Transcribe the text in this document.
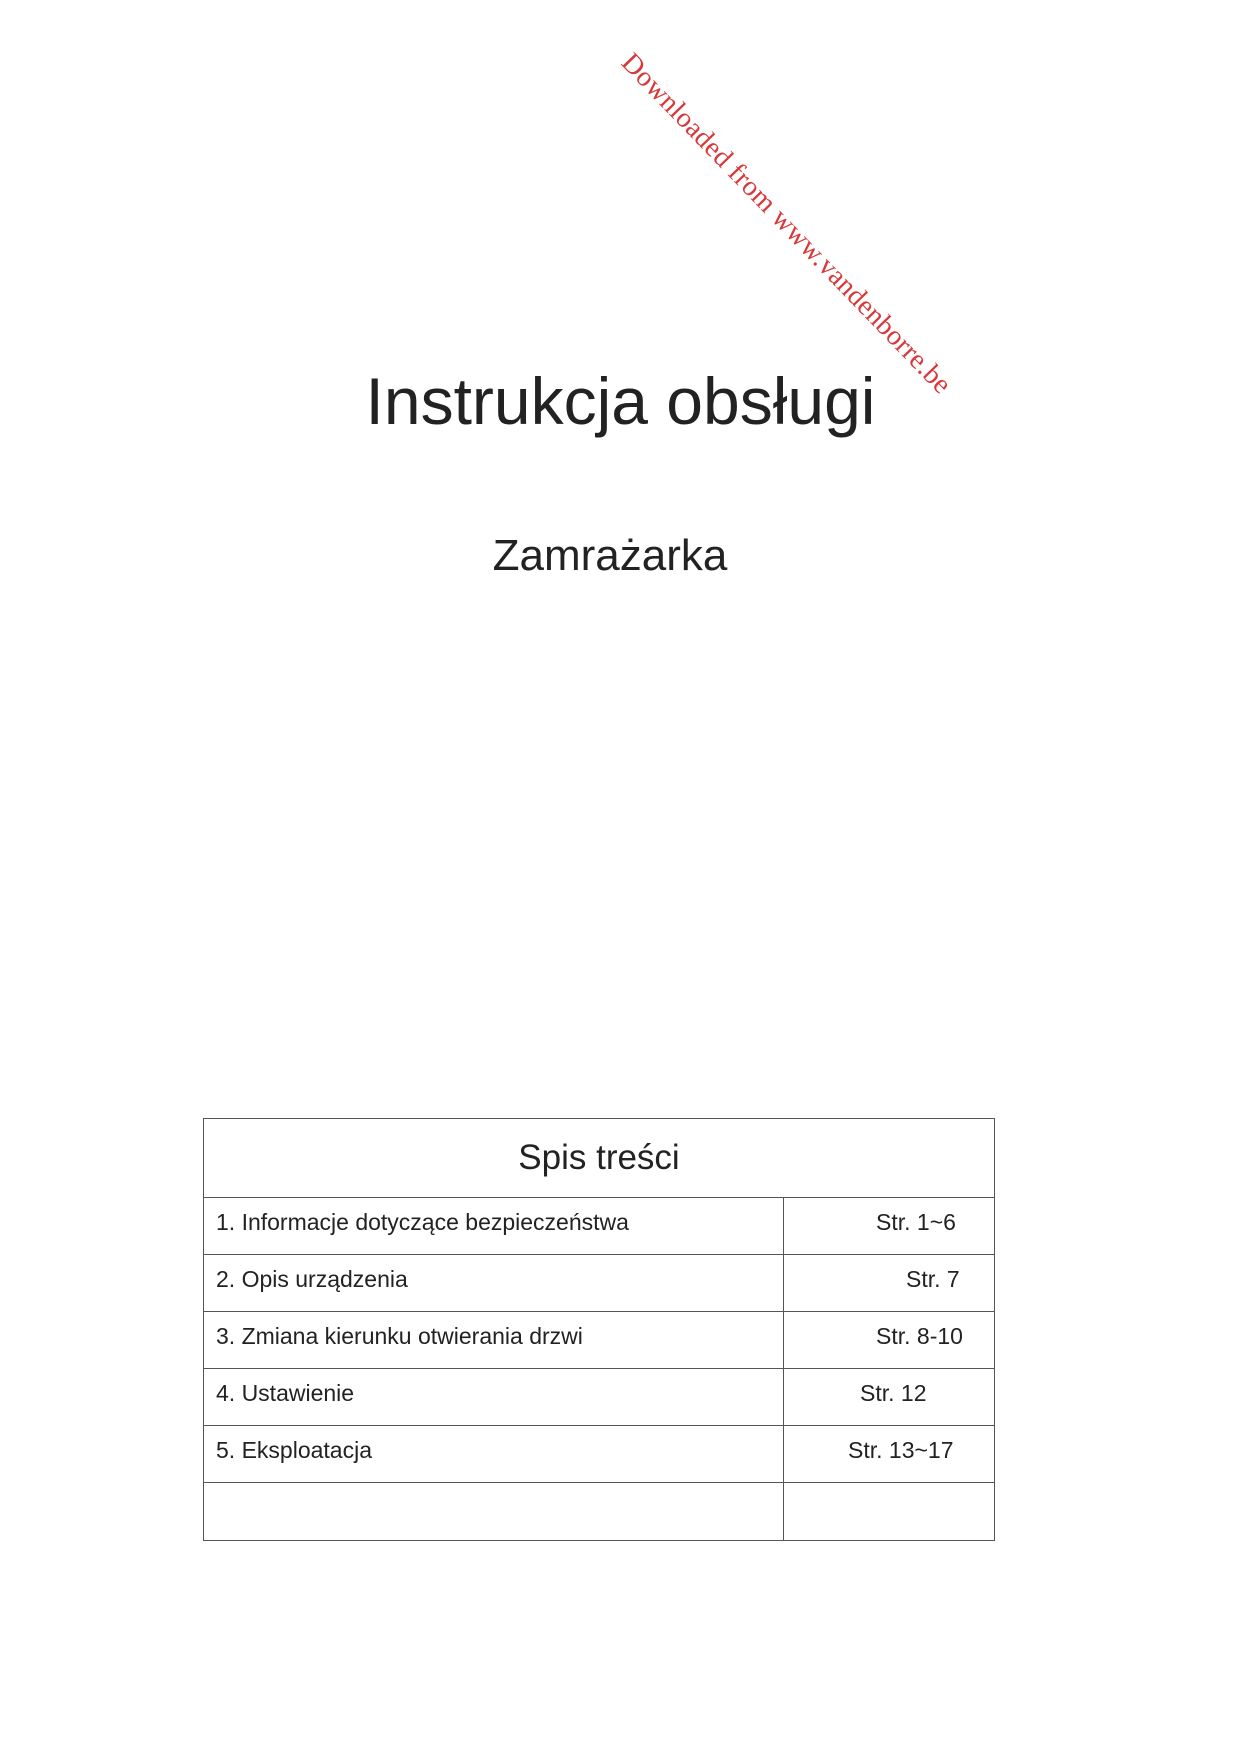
Downloaded from www.vandenborre.be
Instrukcja obsługi
Zamrażarka
Spis treści
1. Informacje dotyczące bezpieczeństwa	Str. 1~6
2. Opis urządzenia	Str. 7
3. Zmiana kierunku otwierania drzwi	Str. 8-10
4. Ustawienie	Str. 12
5. Eksploatacja	Str. 13~17
